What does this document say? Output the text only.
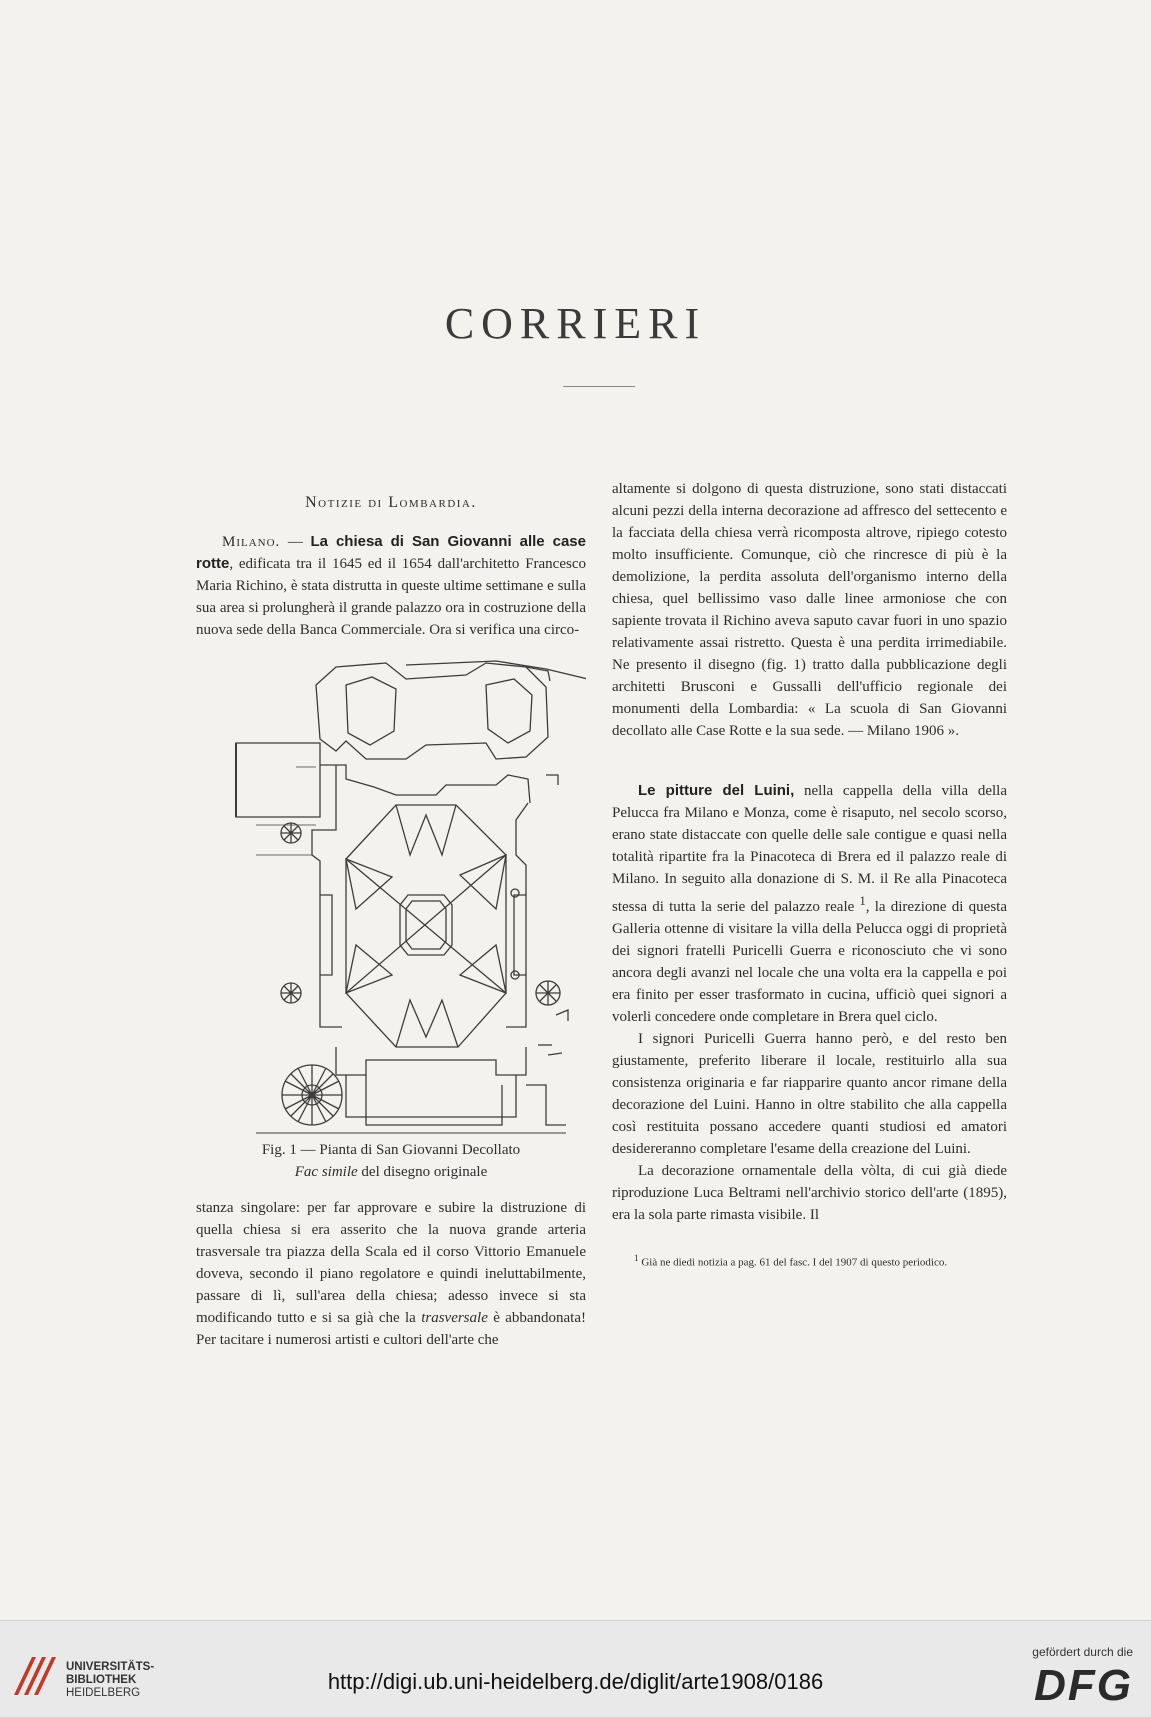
CORRIERI
Notizie di Lombardia.

Milano. — La chiesa di San Giovanni alle case rotte, edificata tra il 1645 ed il 1654 dall'architetto Francesco Maria Richino, è stata distrutta in queste ultime settimane e sulla sua area si prolungherà il grande palazzo ora in costruzione della nuova sede della Banca Commerciale. Ora si verifica una circo-

Fig. 1 — Pianta di San Giovanni Decollato
Fac simile del disegno originale

stanza singolare: per far approvare e subire la distruzione di quella chiesa si era asserito che la nuova grande arteria trasversale tra piazza della Scala ed il corso Vittorio Emanuele doveva, secondo il piano regolatore e quindi ineluttabilmente, passare di lì, sull'area della chiesa; adesso invece si sta modificando tutto e si sa già che la trasversale è abbandonata! Per tacitare i numerosi artisti e cultori dell'arte che

altamente si dolgono di questa distruzione, sono stati distaccati alcuni pezzi della interna decorazione ad affresco del settecento e la facciata della chiesa verrà ricomposta altrove, ripiego cotesto molto insufficiente. Comunque, ciò che rincresce di più è la demolizione, la perdita assoluta dell'organismo interno della chiesa, quel bellissimo vaso dalle linee armoniose che con sapiente trovata il Richino aveva saputo cavar fuori in uno spazio relativamente assai ristretto. Questa è una perdita irrimediabile. Ne presento il disegno (fig. 1) tratto dalla pubblicazione degli architetti Brusconi e Gussalli dell'ufficio regionale dei monumenti della Lombardia: « La scuola di San Giovanni decollato alle Case Rotte e la sua sede. — Milano 1906 ».

Le pitture del Luini, nella cappella della villa della Pelucca fra Milano e Monza, come è risaputo, nel secolo scorso, erano state distaccate con quelle delle sale contigue e quasi nella totalità ripartite fra la Pinacoteca di Brera ed il palazzo reale di Milano. In seguito alla donazione di S. M. il Re alla Pinacoteca stessa di tutta la serie del palazzo reale $^1$, la direzione di questa Galleria ottenne di visitare la villa della Pelucca oggi di proprietà dei signori fratelli Puricelli Guerra e riconosciuto che vi sono ancora degli avanzi nel locale che una volta era la cappella e poi era finito per esser trasformato in cucina, ufficiò quei signori a volerli concedere onde completare in Brera quel ciclo.

I signori Puricelli Guerra hanno però, e del resto ben giustamente, preferito liberare il locale, restituirlo alla sua consistenza originaria e far riapparire quanto ancor rimane della decorazione del Luini. Hanno in oltre stabilito che alla cappella così restituita possano accedere quanti studiosi ed amatori desidereranno completare l'esame della creazione del Luini.

La decorazione ornamentale della vòlta, di cui già diede riproduzione Luca Beltrami nell'archivio storico dell'arte (1895), era la sola parte rimasta visibile. Il

$^1$ Già ne diedi notizia a pag. 61 del fasc. I del 1907 di questo periodico.

UNIVERSITÄTS-
BIBLIOTHEK
HEIDELBERG	http://digi.ub.uni-heidelberg.de/diglit/arte1908/0186
gefördert durch die
DFG
